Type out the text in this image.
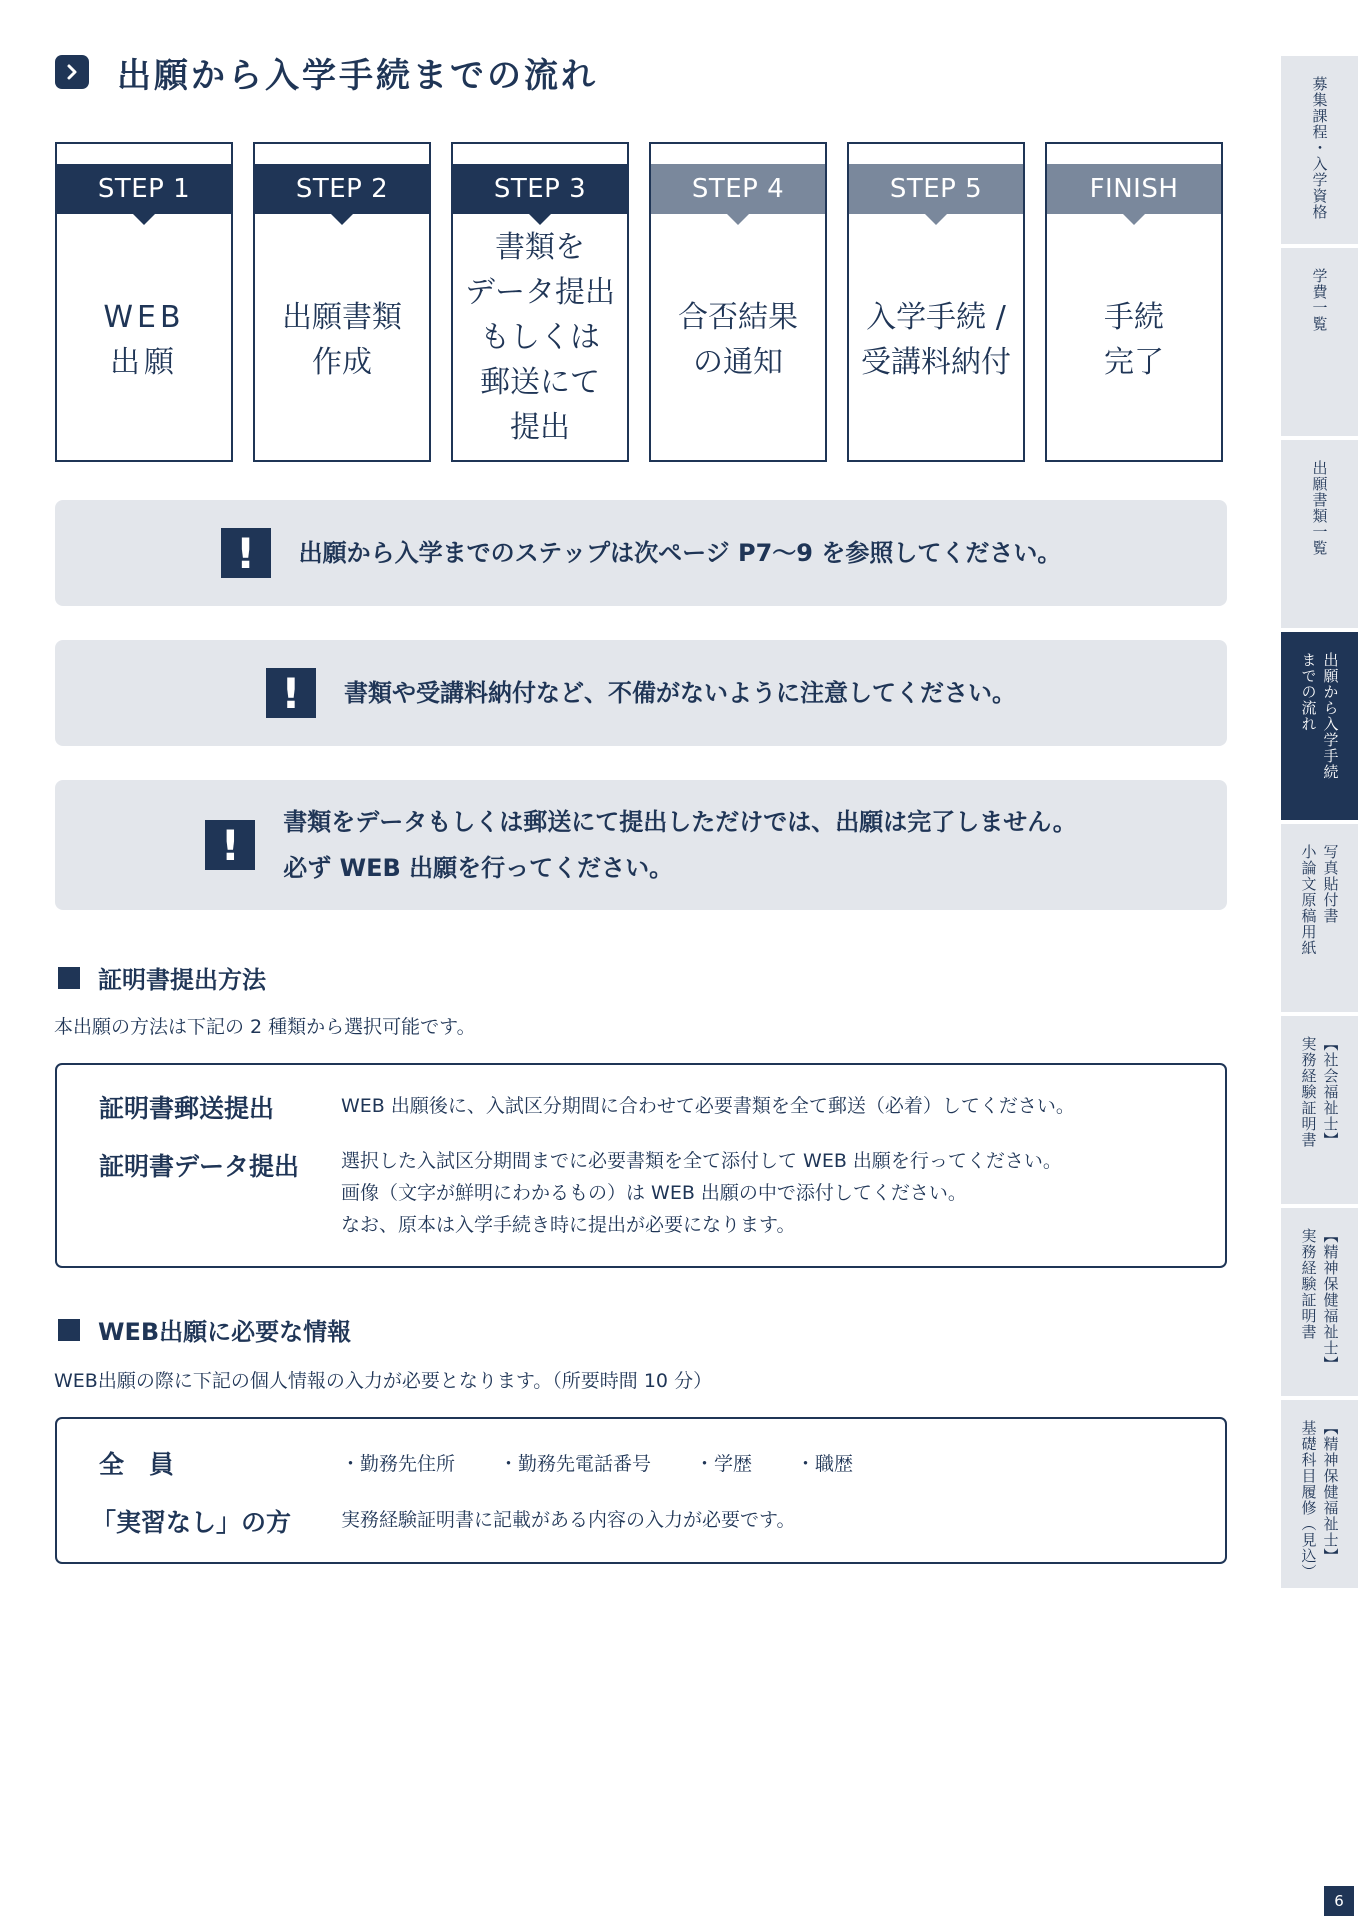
出願から入学手続までの流れ
STEP 1
WEB
出願
STEP 2
出願書類
作成
STEP 3
書類を
データ提出
もしくは
郵送にて
提出
STEP 4
合否結果
の通知
STEP 5
入学手続 /
受講料納付
FINISH
手続
完了
!	出願から入学までのステップは次ページ P7〜9 を参照してください。
!	書類や受講料納付など、不備がないように注意してください。
!	書類をデータもしくは郵送にて提出しただけでは、出願は完了しません。
必ず WEB 出願を行ってください。
証明書提出方法
本出願の方法は下記の 2 種類から選択可能です。
証明書郵送提出	WEB 出願後に、入試区分期間に合わせて必要書類を全て郵送（必着）してください。
証明書データ提出 選択した入試区分期間までに必要書類を全て添付して WEB 出願を行ってください。
画像（文字が鮮明にわかるもの）は WEB 出願の中で添付してください。
なお、原本は入学手続き時に提出が必要になります。
WEB出願に必要な情報
WEB出願の際に下記の個人情報の入力が必要となります。（所要時間 10 分）
全　員	・勤務先住所 ・勤務先電話番号 ・学歴 ・職歴
「実習なし」の方	実務経験証明書に記載がある内容の入力が必要です。
募集課程・入学資格
学費一覧
出願書類一覧
出願から入学手続
までの流れ
写真貼付書
小論文原稿用紙
【社会福祉士】
実務経験証明書
【精神保健福祉士】
実務経験証明書
【精神保健福祉士】
基礎科目履修（見込）
6
